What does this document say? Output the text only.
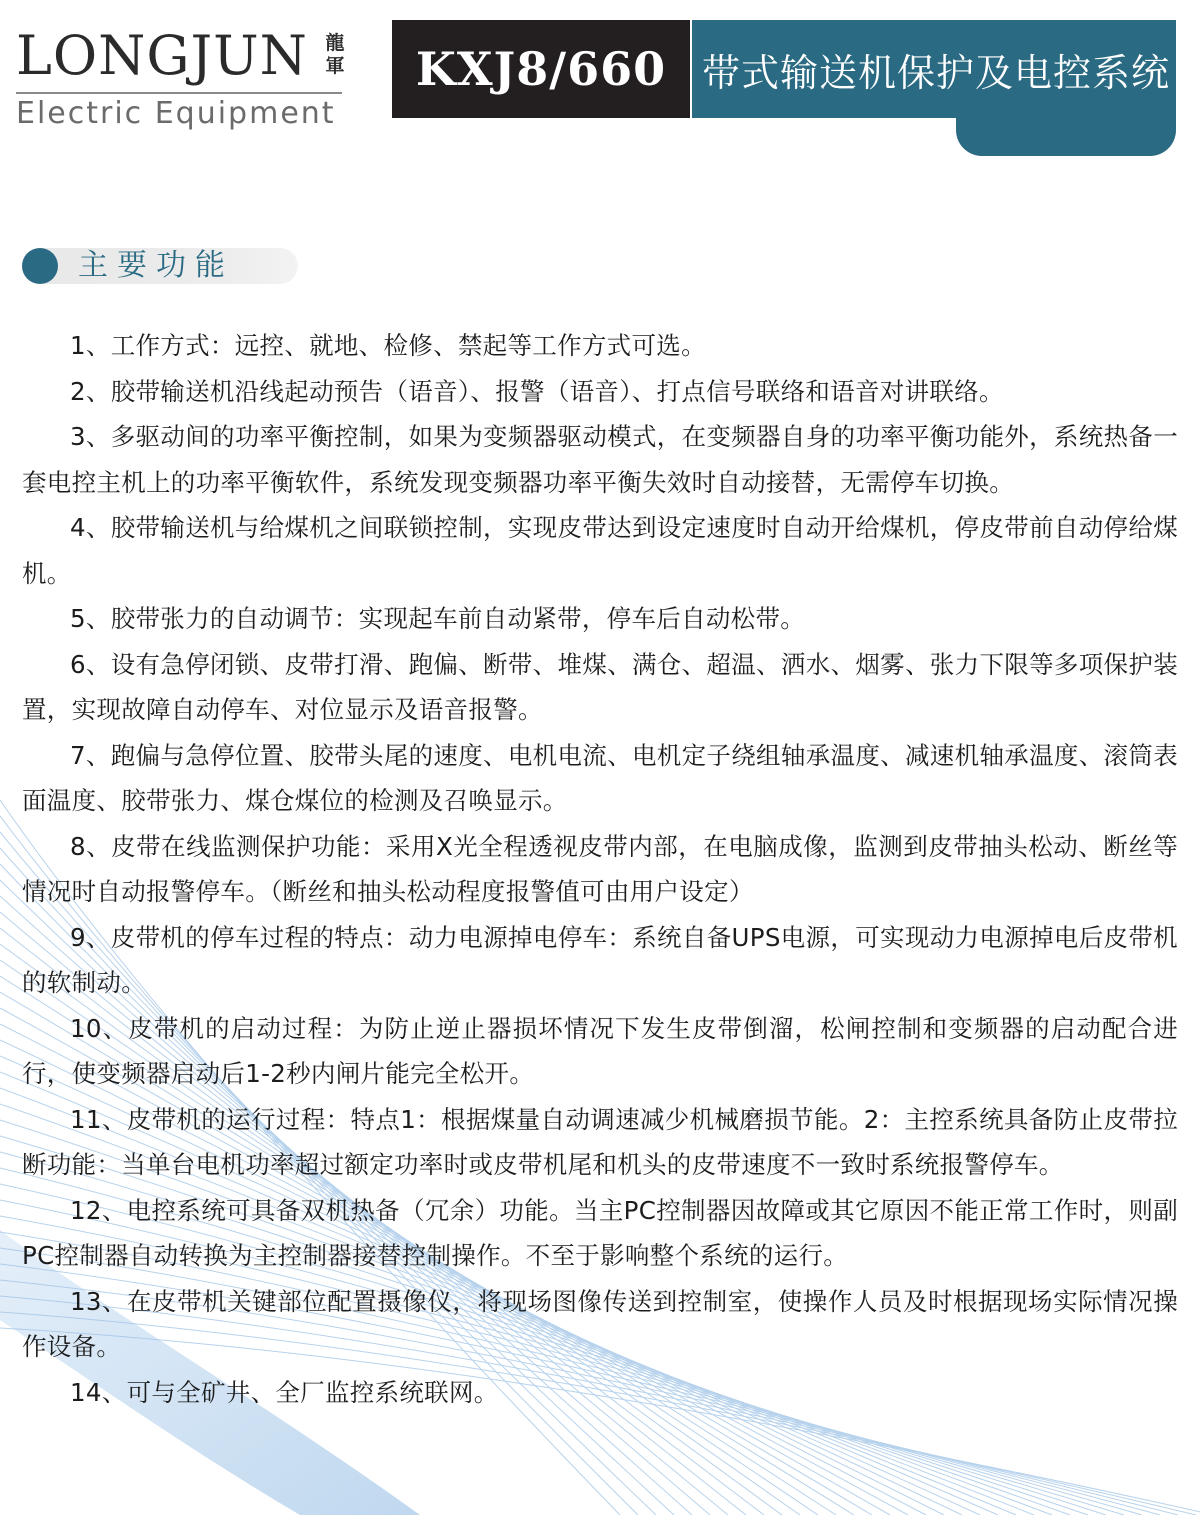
LONGJUN 龍軍
Electric Equipment
KXJ8/660 带式输送机保护及电控系统
主要功能

1、工作方式：远控、就地、检修、禁起等工作方式可选。

2、胶带输送机沿线起动预告（语音）、报警（语音）、打点信号联络和语音对讲联络。

3、多驱动间的功率平衡控制，如果为变频器驱动模式，在变频器自身的功率平衡功能外，系统热备一套电控主机上的功率平衡软件，系统发现变频器功率平衡失效时自动接替，无需停车切换。

4、胶带输送机与给煤机之间联锁控制，实现皮带达到设定速度时自动开给煤机，停皮带前自动停给煤机。

5、胶带张力的自动调节：实现起车前自动紧带，停车后自动松带。

6、设有急停闭锁、皮带打滑、跑偏、断带、堆煤、满仓、超温、洒水、烟雾、张力下限等多项保护装置，实现故障自动停车、对位显示及语音报警。

7、跑偏与急停位置、胶带头尾的速度、电机电流、电机定子绕组轴承温度、减速机轴承温度、滚筒表面温度、胶带张力、煤仓煤位的检测及召唤显示。

8、皮带在线监测保护功能：采用X光全程透视皮带内部，在电脑成像，监测到皮带抽头松动、断丝等情况时自动报警停车。（断丝和抽头松动程度报警值可由用户设定）

9、皮带机的停车过程的特点：动力电源掉电停车：系统自备UPS电源，可实现动力电源掉电后皮带机的软制动。

10、皮带机的启动过程：为防止逆止器损坏情况下发生皮带倒溜，松闸控制和变频器的启动配合进行，使变频器启动后1-2秒内闸片能完全松开。

11、皮带机的运行过程：特点1：根据煤量自动调速减少机械磨损节能。2：主控系统具备防止皮带拉断功能：当单台电机功率超过额定功率时或皮带机尾和机头的皮带速度不一致时系统报警停车。

12、电控系统可具备双机热备（冗余）功能。当主PC控制器因故障或其它原因不能正常工作时，则副PC控制器自动转换为主控制器接替控制操作。不至于影响整个系统的运行。

13、在皮带机关键部位配置摄像仪，将现场图像传送到控制室，使操作人员及时根据现场实际情况操作设备。

14、可与全矿井、全厂监控系统联网。
